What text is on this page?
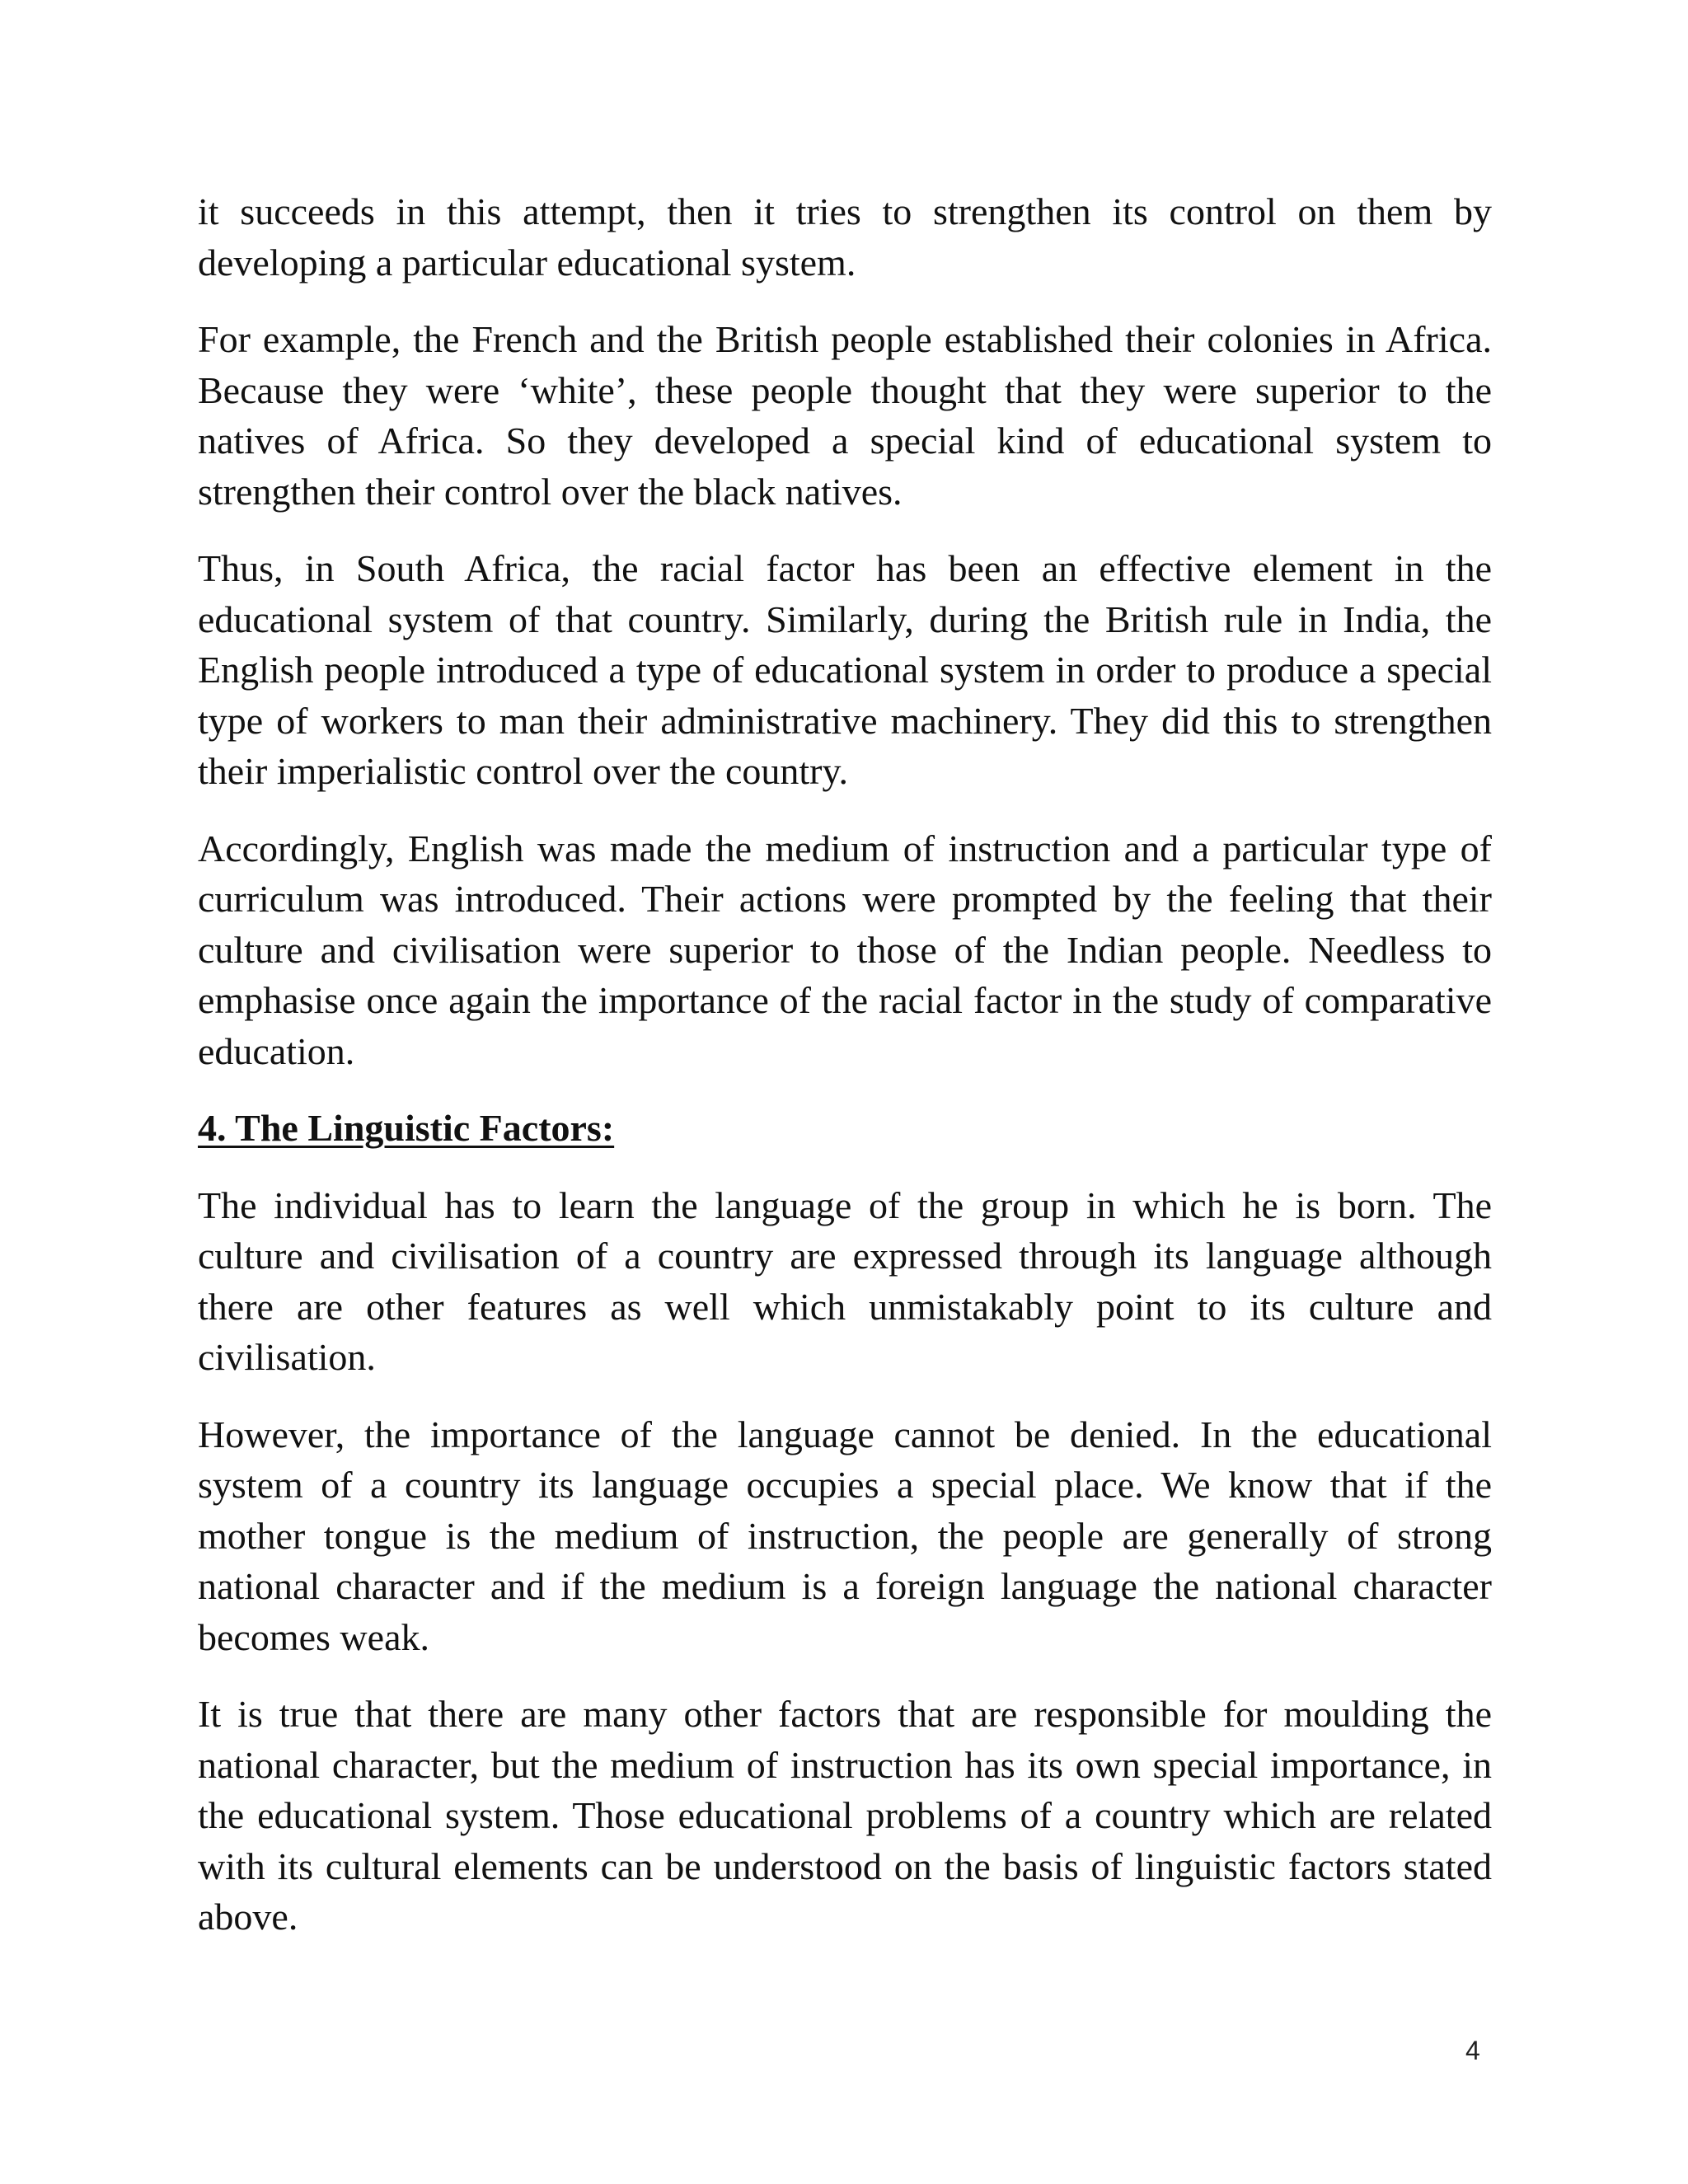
it succeeds in this attempt, then it tries to strengthen its control on them by developing a particular educational system.

For example, the French and the British people established their colonies in Africa. Because they were ‘white’, these people thought that they were superior to the natives of Africa. So they developed a special kind of educational system to strengthen their control over the black natives.

Thus, in South Africa, the racial factor has been an effective element in the educational system of that country. Similarly, during the British rule in India, the English people introduced a type of educational system in order to produce a special type of workers to man their administrative machinery. They did this to strengthen their imperialistic control over the country.

Accordingly, English was made the medium of instruction and a particular type of curriculum was introduced. Their actions were prompted by the feeling that their culture and civilisation were superior to those of the Indian people. Needless to emphasise once again the importance of the racial factor in the study of comparative education.

4. The Linguistic Factors:

The individual has to learn the language of the group in which he is born. The culture and civilisation of a country are expressed through its language although there are other features as well which unmistakably point to its culture and civilisation.

However, the importance of the language cannot be denied. In the educational system of a country its language occupies a special place. We know that if the mother tongue is the medium of instruction, the people are generally of strong national character and if the medium is a foreign language the national character becomes weak.

It is true that there are many other factors that are responsible for moulding the national character, but the medium of instruction has its own special importance, in the educational system. Those educational problems of a country which are related with its cultural elements can be understood on the basis of linguistic factors stated above.

4
